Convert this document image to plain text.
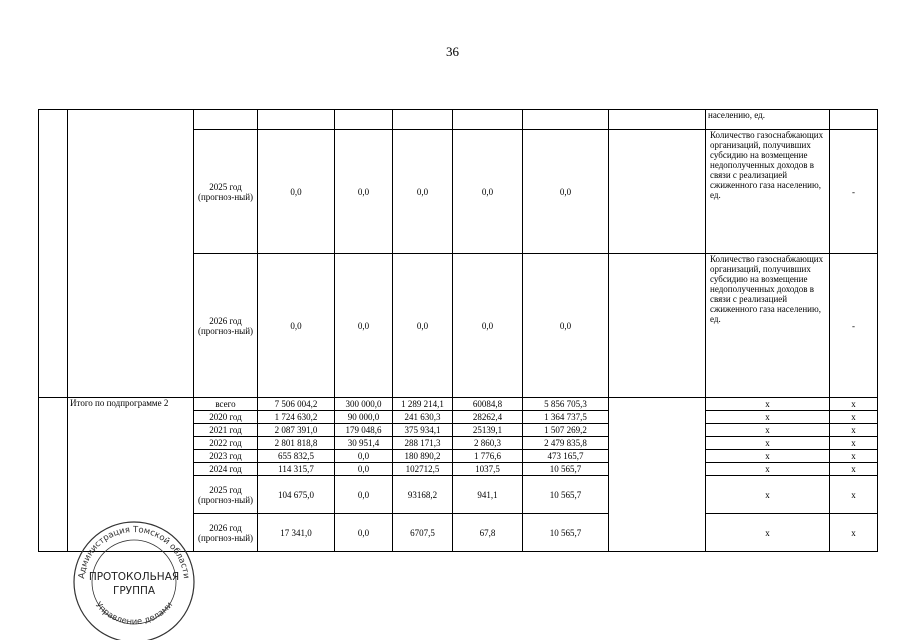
36
									населению, ед.	
		2025 год (прогноз-ный)	0,0	0,0	0,0	0,0	0,0		Количество газоснабжающих организаций, получивших субсидию на возмещение недополученных доходов в связи с реализацией сжиженного газа населению, ед.	-
		2026 год (прогноз-ный)	0,0	0,0	0,0	0,0	0,0		Количество газоснабжающих организаций, получивших субсидию на возмещение недополученных доходов в связи с реализацией сжиженного газа населению, ед.	-
	Итого по подпрограмме 2	всего	7 506 004,2	300 000,0	1 289 214,1	60084,8	5 856 705,3		х	х
		2020 год	1 724 630,2	90 000,0	241 630,3	28262,4	1 364 737,5		х	х
		2021 год	2 087 391,0	179 048,6	375 934,1	25139,1	1 507 269,2		х	х
		2022 год	2 801 818,8	30 951,4	288 171,3	2 860,3	2 479 835,8		х	х
		2023 год	655 832,5	0,0	180 890,2	1 776,6	473 165,7		х	х
		2024 год	114 315,7	0,0	102712,5	1037,5	10 565,7		х	х
		2025 год (прогноз-ный)	104 675,0	0,0	93168,2	941,1	10 565,7		х	х
		2026 год (прогноз-ный)	17 341,0	0,0	6707,5	67,8	10 565,7		х	х
Администрация Томской области
Управление делами
ПРОТОКОЛЬНАЯ
ГРУППА
